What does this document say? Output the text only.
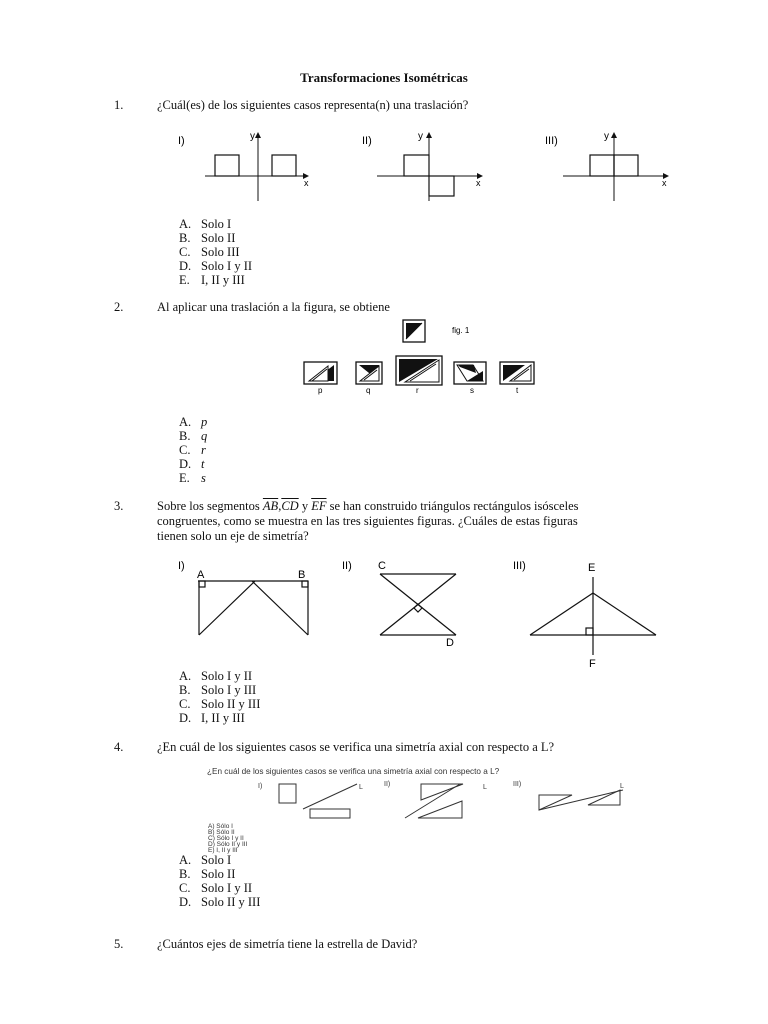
Transformaciones Isométricas
1.	¿Cuál(es) de los siguientes casos representa(n) una traslación?
I)	y
x
II)	y
x
III)	y
x
A. Solo I
B. Solo II
C. Solo III
D. Solo I y II
E. I, II y III
2.	Al aplicar una traslación a la figura, se obtiene
fig. 1
p	q	r	s	t
A. p
B. q
C. r
D. t
E. s
3.	Sobre los segmentos $\overline{AB},\overline{CD}$ y $\overline{EF}$ se han construido triángulos rectángulos isósceles
congruentes, como se muestra en las tres siguientes figuras. ¿Cuáles de estas figuras
tienen solo un eje de simetría?
I)
A	B
II) C
D
III)	E
F
A. Solo I y II
B. Solo I y III
C. Solo II y III
D. I, II y III
4.	¿En cuál de los siguientes casos se verifica una simetría axial con respecto a L?
¿En cuál de los siguientes casos se verifica una simetría axial con respecto a L?
I)	L	II)	L	III)	L
A) Sólo I
B) Sólo II
C) Sólo I y II
D) Sólo II y III
E) I, II y III
A. Solo I
B. Solo II
C. Solo I y II
D. Solo II y III
5.	¿Cuántos ejes de simetría tiene la estrella de David?
